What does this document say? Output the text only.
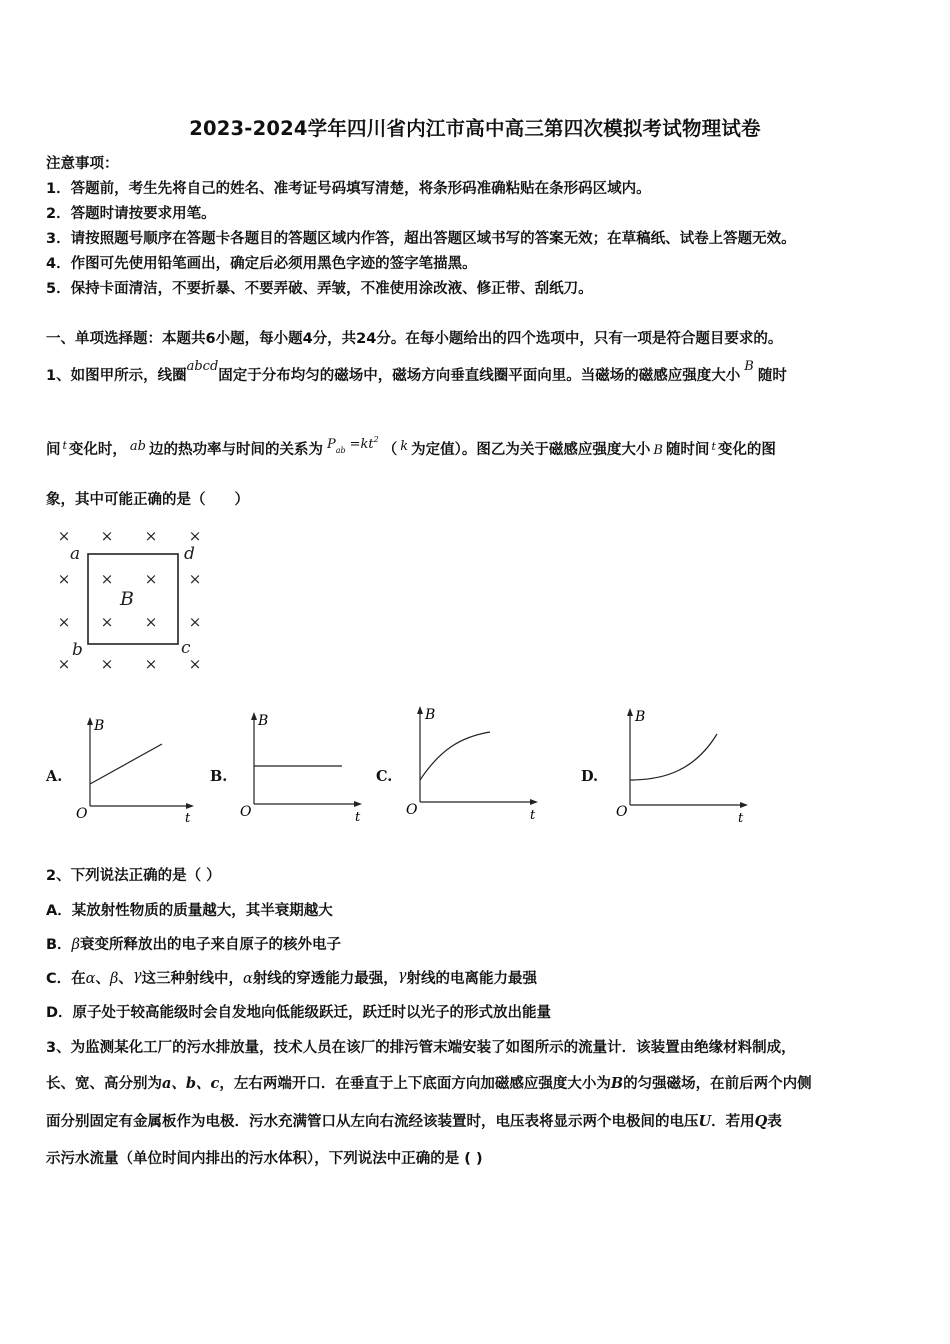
2023-2024学年四川省内江市高中高三第四次模拟考试物理试卷
注意事项：
1．答题前，考生先将自己的姓名、准考证号码填写清楚，将条形码准确粘贴在条形码区域内。
2．答题时请按要求用笔。
3．请按照题号顺序在答题卡各题目的答题区域内作答，超出答题区域书写的答案无效；在草稿纸、试卷上答题无效。
4．作图可先使用铅笔画出，确定后必须用黑色字迹的签字笔描黑。
5．保持卡面清洁，不要折暴、不要弄破、弄皱，不准使用涂改液、修正带、刮纸刀。
一、单项选择题：本题共6小题，每小题4分，共24分。在每小题给出的四个选项中，只有一项是符合题目要求的。
1、如图甲所示，线圈abcd固定于分布均匀的磁场中，磁场方向垂直线圈平面向里。当磁场的磁感应强度大小B随时
间 $^t$ 变化时， ab 边的热功率与时间的关系为 $P_{ab} =kt^2$（ k 为定值）。图乙为关于磁感应强度大小 B 随时间 $^t$ 变化的图
象，其中可能正确的是（　　）
× × × ×
× × × ×
× × × ×
× × × ×
a	d
b	c
B
A.
B
t
O
B.
B
t
O
C.
B
t
O
D.
B
t
O
2、下列说法正确的是（ ）
A．某放射性物质的质量越大，其半衰期越大
B．β衰变所释放出的电子来自原子的核外电子
C．在α、β、γ这三种射线中，α射线的穿透能力最强，γ射线的电离能力最强
D．原子处于较高能级时会自发地向低能级跃迁，跃迁时以光子的形式放出能量
3、为监测某化工厂的污水排放量，技术人员在该厂的排污管末端安装了如图所示的流量计．该装置由绝缘材料制成，
长、宽、高分别为a、b、c，左右两端开口．在垂直于上下底面方向加磁感应强度大小为B的匀强磁场，在前后两个内侧
面分别固定有金属板作为电极．污水充满管口从左向右流经该装置时，电压表将显示两个电极间的电压U．若用Q表
示污水流量（单位时间内排出的污水体积），下列说法中正确的是 ( )
